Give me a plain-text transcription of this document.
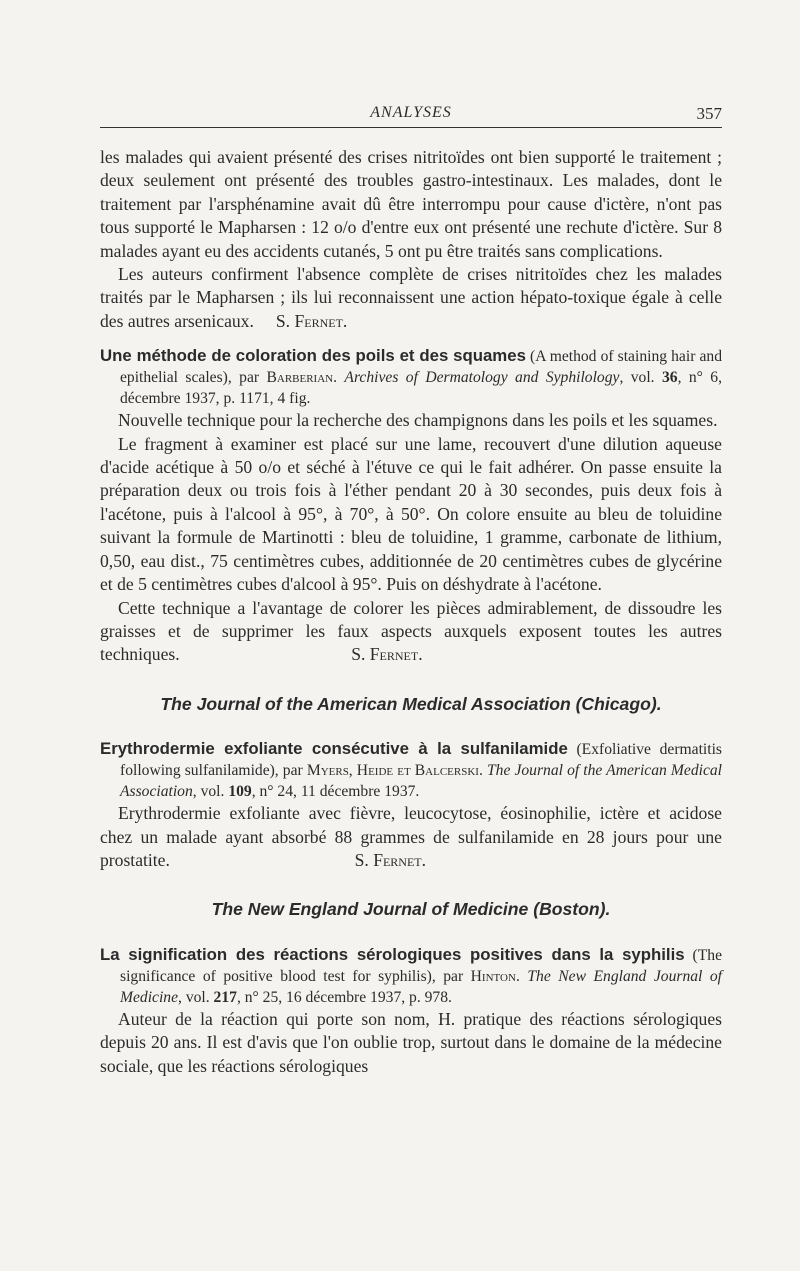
ANALYSES	357

les malades qui avaient présenté des crises nitritoïdes ont bien supporté le traitement ; deux seulement ont présenté des troubles gastro-intestinaux. Les malades, dont le traitement par l'arsphénamine avait dû être interrompu pour cause d'ictère, n'ont pas tous supporté le Mapharsen : 12 o/o d'entre eux ont présenté une rechute d'ictère. Sur 8 malades ayant eu des accidents cutanés, 5 ont pu être traités sans complications.

Les auteurs confirment l'absence complète de crises nitritoïdes chez les malades traités par le Mapharsen ; ils lui reconnaissent une action hépato-toxique égale à celle des autres arsenicaux. S. Fernet.

Une méthode de coloration des poils et des squames (A method of staining hair and epithelial scales), par Barberian. Archives of Dermatology and Syphilology, vol. 36, n° 6, décembre 1937, p. 1171, 4 fig.

Nouvelle technique pour la recherche des champignons dans les poils et les squames.

Le fragment à examiner est placé sur une lame, recouvert d'une dilution aqueuse d'acide acétique à 50 o/o et séché à l'étuve ce qui le fait adhérer. On passe ensuite la préparation deux ou trois fois à l'éther pendant 20 à 30 secondes, puis deux fois à l'acétone, puis à l'alcool à 95°, à 70°, à 50°. On colore ensuite au bleu de toluidine suivant la formule de Martinotti : bleu de toluidine, 1 gramme, carbonate de lithium, 0,50, eau dist., 75 centimètres cubes, additionnée de 20 centimètres cubes de glycérine et de 5 centimètres cubes d'alcool à 95°. Puis on déshydrate à l'acétone.

Cette technique a l'avantage de colorer les pièces admirablement, de dissoudre les graisses et de supprimer les faux aspects auxquels exposent toutes les autres techniques.	S. Fernet.

The Journal of the American Medical Association (Chicago).

Erythrodermie exfoliante consécutive à la sulfanilamide (Exfoliative dermatitis following sulfanilamide), par Myers, Heide et Balcerski. The Journal of the American Medical Association, vol. 109, n° 24, 11 décembre 1937.

Erythrodermie exfoliante avec fièvre, leucocytose, éosinophilie, ictère et acidose chez un malade ayant absorbé 88 grammes de sulfanilamide en 28 jours pour une prostatite.	S. Fernet.

The New England Journal of Medicine (Boston).

La signification des réactions sérologiques positives dans la syphilis (The significance of positive blood test for syphilis), par Hinton. The New England Journal of Medicine, vol. 217, n° 25, 16 décembre 1937, p. 978.

Auteur de la réaction qui porte son nom, H. pratique des réactions sérologiques depuis 20 ans. Il est d'avis que l'on oublie trop, surtout dans le domaine de la médecine sociale, que les réactions sérologiques
